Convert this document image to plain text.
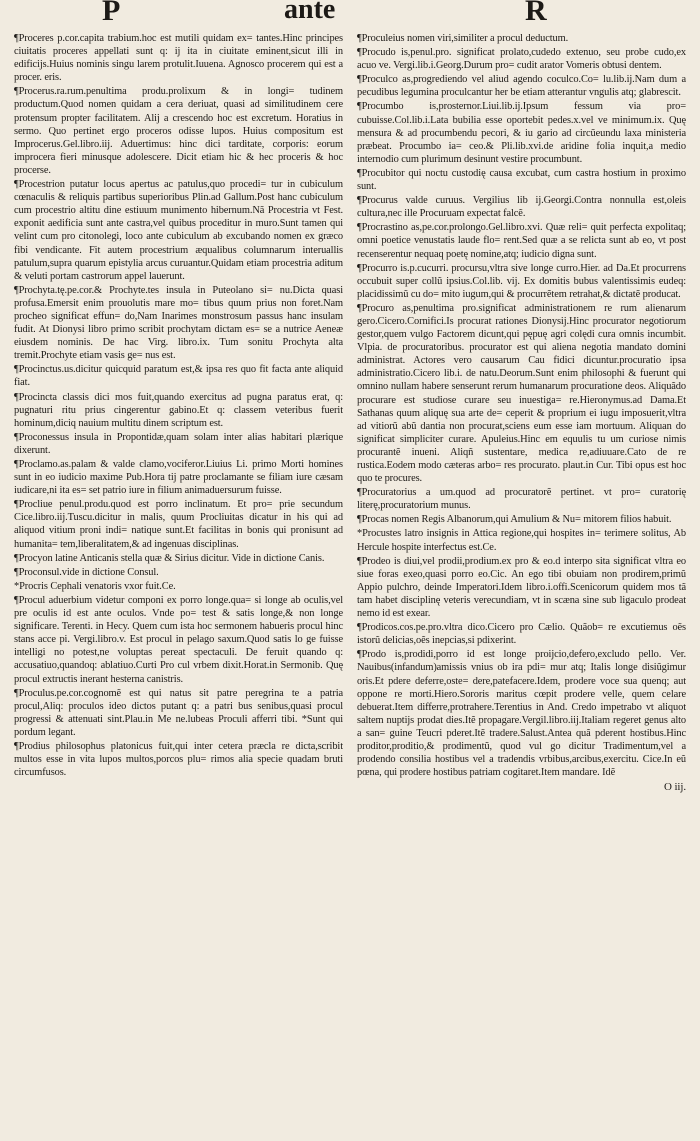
P	ante	R
¶Proceres p.cor.capita trabium.hoc est mutili quidam ex= tantes.Hinc principes ciuitatis proceres appellati sunt q: ij ita in ciuitate eminent,sicut illi in edificijs.Huius nominis singu larem protulit.Iuuena. Agnosco procerem qui est a procer. eris.
¶Procerus.ra.rum.penultima produ.prolixum & in longi= tudinem productum.Quod nomen quidam a cera deriuat, quasi ad similitudinem cere protensum propter facilitatem. Alij a crescendo hoc est excretum. Horatius in sermo. Quo pertinet ergo proceros odisse lupos. Huius compositum est Improcerus.Gel.libro.iij. Aduertimus: hinc dici tarditate, corporis: eorum improcera fieri minusque adolescere. Dicit etiam hic & hec proceris & hoc procerse.
¶Procestrion putatur locus apertus ac patulus,quo procedi= tur in cubiculum cœnaculis & reliquis partibus superioribus Plin.ad Gallum.Post hanc cubiculum cum procestrio altitu dine estiuum munimento hibernum.Nã Procestria vt Fest. exponit aedificia sunt ante castra,vel quibus proceditur in muro.Sunt tamen qui velint cum pro citonolegi, loco ante cubiculum ab excubando nomen ex græco fibi vendicante. Fit autem procestrium æqualibus columnarum interuallis patulum,supra quarum epistylia arcus curuantur.Quidam etiam procestria aditum & veluti portam castrorum appel lauerunt.
¶Prochyta.tę.pe.cor.& Prochyte.tes insula in Puteolano si= nu.Dicta quasi profusa.Emersit enim prouolutis mare mo= tibus quum prius non foret.Nam procheo significat effun= do,Nam Inarimes monstrosum passus hanc insulam fudit. At Dionysi libro primo scribit prochytam dictam es= se a nutrice Aeneæ eiusdem nominis. De hac Virg. libro.ix. Tum sonitu Prochyta alta tremit.Prochyte etiam vasis ge= nus est.
¶Procinctus.us.dicitur quicquid paratum est,& ipsa res quo fit facta ante aliquid fiat.
¶Procincta classis dici mos fuit,quando exercitus ad pugna paratus erat, q: pugnaturi ritu prius cingerentur gabino.Et q: classem veteribus fuerit hominum,diciq nauium multitu dinem scriptum est.
¶Proconessus insula in Propontidæ,quam solam inter alias habitari plærique dixerunt.
¶Proclamo.as.palam & valde clamo,vociferor.Liuius Li. primo Morti homines sunt in eo iudicio maxime Pub.Hora tij patre proclamante se filiam iure cæsam iudicare,ni ita es= set patrio iure in filium animaduersurum fuisse.
¶Procliue penul.produ.quod est porro inclinatum. Et pro= prie secundum Cice.libro.iij.Tuscu.dicitur in malis, quum Procliuitas dicatur in his qui ad aliquod vitium proni indi= natique sunt.Et facilitas in bonis qui pronisunt ad humanita= tem,liberalitatem,& ad ingenuas disciplinas.
¶Procyon latine Anticanis stella quæ & Sirius dicitur. Vide in dictione Canis.
¶Proconsul.vide in dictione Consul.
*Procris Cephali venatoris vxor fuit.Ce.
¶Procul aduerbium videtur componi ex porro longe.qua= si longe ab oculis,vel pre oculis id est ante oculos. Vnde po= test & satis longe,& non longe significare. Terenti. in Hecy. Quem cum ista hoc sermonem habueris procul hinc stans acce pi. Vergi.libro.v. Est procul in pelago saxum.Quod satis lo ge fuisse intelligi no potest,ne voluptas pereat spectaculi. De feruit quando q: accusatiuo,quandoq: ablatiuo.Curti Pro cul vrbem dixit.Horat.in Sermonib. Quę procul extructis inerant hesterna canistris.
¶Proculus.pe.cor.cognomẽ est qui natus sit patre peregrina te a patria procul,Aliq: proculos ideo dictos putant q: a patri bus senibus,quasi procul progressi & attenuati sint.Plau.in Me ne.lubeas Proculi afferri tibi. *Sunt qui pordum legant.
¶Prodius philosophus platonicus fuit,qui inter cetera præcla re dicta,scribit multos esse in vita lupos multos,porcos plu= rimos alia specie quadam bruti circumfusos.
¶Proculeius nomen viri,similiter a procul deductum.
¶Procudo is,penul.pro. significat prolato,cudedo extenuo, seu probe cudo,ex acuo ve. Vergi.lib.i.Georg.Durum pro= cudit arator Vomeris obtusi dentem.
¶Proculco as,progrediendo vel aliud agendo coculco.Co= lu.lib.ij.Nam dum a pecudibus legumina proculcantur her be etiam atterantur vngulis atq; glabrescit.
¶Procumbo is,prosternor.Liui.lib.ij.Ipsum fessum via pro= cubuisse.Col.lib.i.Lata bubilia esse oportebit pedes.x.vel ve minimum.ix. Quę mensura & ad procumbendu pecori, & iu gario ad circũeundu laxa ministeria præbeat. Procumbo ia= ceo.& Pli.lib.xvi.de aridine folia inquit,a medio internodio cum plurimum desinunt vestire procumbunt.
¶Procubitor qui noctu custodię causa excubat, cum castra hostium in proximo sunt.
¶Procurus valde curuus. Vergilius lib ij.Georgi.Contra nonnulla est,oleis cultura,nec ille Procuruam expectat falcẽ.
¶Procrastino as,pe.cor.prolongo.Gel.libro.xvi. Quæ reli= quit perfecta expolitaq; omni poetice venustatis laude flo= rent.Sed quæ a se relicta sunt ab eo, vt post recenserentur nequaq poetę nomine,atq; iudicio digna sunt.
¶Procurro is.p.cucurri. procursu,vltra sive longe curro.Hier. ad Da.Et procurrens occubuit super collũ ipsius.Col.lib. vij. Ex domitis bubus valentissimis eudeq: placidissimũ cu do= mito iugum,qui & procurrẽtem retrahat,& dictatẽ producat.
¶Procuro as,penultima pro.significat administrationem re rum alienarum gero.Cicero.Cornifici.Is procurat rationes Dionysij.Hinc procurator negotiorum gestor,quem vulgo Factorem dicunt,qui pępuę agri colędi cura omnis incumbit. Vlpia. de procuratoribus. procurator est qui aliena negotia mandato domini administrat. Actores vero causarum Cau fidici dicuntur.procuratio ipsa administratio.Cicero lib.i. de natu.Deorum.Sunt enim philosophi & fuerunt qui omnino nullam habere senserunt rerum humanarum procuratione deos. Aliquãdo procurare est studiose curare seu inuestiga= re.Hieronymus.ad Dama.Et Sathanas quum aliquę sua arte de= ceperit & proprium ei iugu imposuerit,vltra ad vitiorũ abũ dantia non procurat,sciens eum esse iam mortuum. Aliquan do significat simpliciter curare. Apuleius.Hinc em equulis tu um curiose nimis procurantẽ inueni. Aliqñ sustentare, medica re,adiuuare.Cato de re rustica.Eodem modo cæteras arbo= res procurato. plaut.in Cur. Tibi opus est hoc quo te procures.
¶Procuratorius a um.quod ad procuratorẽ pertinet. vt pro= curatorię literę,procuratorium munus.
¶Procas nomen Regis Albanorum,qui Amulium & Nu= mitorem filios habuit.
*Procustes latro insignis in Attica regione,qui hospites in= terimere solitus, Ab Hercule hospite interfectus est.Ce.
¶Prodeo is diui,vel prodii,prodium.ex pro & eo.d interpo sita significat vltra eo siue foras exeo,quasi porro eo.Cic. An ego tibi obuiam non prodirem,primũ Appio pulchro, deinde Imperatori.Idem libro.i.offi.Scenicorum quidem mos tã tam habet disciplinę veteris verecundiam, vt in scæna sine sub ligaculo prodeat nemo id est exear.
¶Prodicos.cos.pe.pro.vltra dico.Cicero pro Cælio. Quãob= re excutiemus oẽs istorũ delicias,oẽs inepcias,si pdixerint.
¶Prodo is,prodidi,porro id est longe proijcio,defero,excludo pello. Ver. Nauibus(infandum)amissis vnius ob ira pdi= mur atq; Italis longe disiũgimur oris.Et pdere deferre,oste= dere,patefacere.Idem, prodere voce sua quenq; aut oppone re morti.Hiero.Sororis maritus cœpit prodere velle, quem celare debuerat.Item differre,protrahere.Terentius in And. Credo impetrabo vt aliquot saltem nuptijs prodat dies.Itẽ propagare.Vergil.libro.iij.Italiam regeret genus alto a san= guine Teucri pderet.Itẽ tradere.Salust.Antea quã pderent hostibus.Hinc proditor,proditio,& prodimentũ, quod vul go dicitur Tradimentum,vel a prodendo consilia hostibus vel a tradendis vrbibus,arcibus,exercitu. Cice.In eũ pœna, qui prodere hostibus patriam cogitaret.Item mandare. Idẽ
O iij.
